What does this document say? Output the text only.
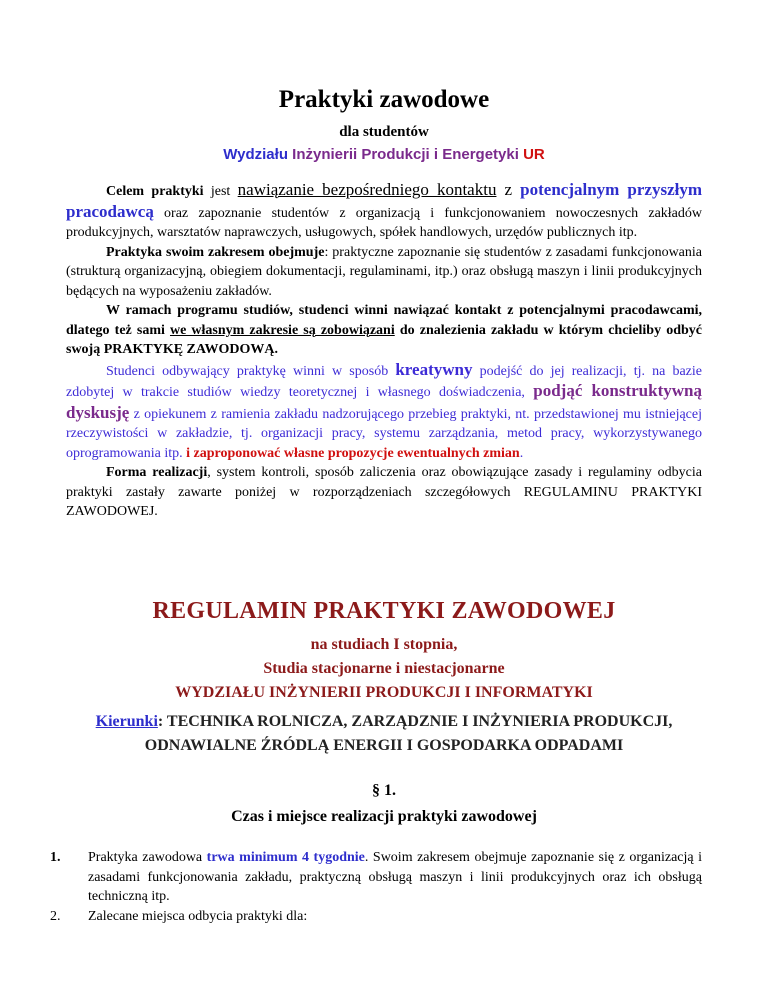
Praktyki zawodowe
dla studentów
Wydziału Inżynierii Produkcji i Energetyki UR

Celem praktyki jest nawiązanie bezpośredniego kontaktu z potencjalnym przyszłym pracodawcą oraz zapoznanie studentów z organizacją i funkcjonowaniem nowoczesnych zakładów produkcyjnych, warsztatów naprawczych, usługowych, spółek handlowych, urzędów publicznych itp.

Praktyka swoim zakresem obejmuje: praktyczne zapoznanie się studentów z zasadami funkcjonowania (strukturą organizacyjną, obiegiem dokumentacji, regulaminami, itp.) oraz obsługą maszyn i linii produkcyjnych będących na wyposażeniu zakładów.

W ramach programu studiów, studenci winni nawiązać kontakt z potencjalnymi pracodawcami, dlatego też sami we własnym zakresie są zobowiązani do znalezienia zakładu w którym chcieliby odbyć swoją PRAKTYKĘ ZAWODOWĄ.

Studenci odbywający praktykę winni w sposób kreatywny podejść do jej realizacji, tj. na bazie zdobytej w trakcie studiów wiedzy teoretycznej i własnego doświadczenia, podjąć konstruktywną dyskusję z opiekunem z ramienia zakładu nadzorującego przebieg praktyki, nt. przedstawionej mu istniejącej rzeczywistości w zakładzie, tj. organizacji pracy, systemu zarządzania, metod pracy, wykorzystywanego oprogramowania itp. i zaproponować własne propozycje ewentualnych zmian.

Forma realizacji, system kontroli, sposób zaliczenia oraz obowiązujące zasady i regulaminy odbycia praktyki zastały zawarte poniżej w rozporządzeniach szczegółowych REGULAMINU PRAKTYKI ZAWODOWEJ.

REGULAMIN PRAKTYKI ZAWODOWEJ
na studiach I stopnia,
Studia stacjonarne i niestacjonarne
WYDZIAŁU INŻYNIERII PRODUKCJI I INFORMATYKI
Kierunki: TECHNIKA ROLNICZA, ZARZĄDZNIE I INŻYNIERIA PRODUKCJI, ODNAWIALNE ŹRÓDLĄ ENERGII I GOSPODARKA ODPADAMI
§ 1.
Czas i miejsce realizacji praktyki zawodowej
1. Praktyka zawodowa trwa minimum 4 tygodnie. Swoim zakresem obejmuje zapoznanie się z organizacją i zasadami funkcjonowania zakładu, praktyczną obsługą maszyn i linii produkcyjnych oraz ich obsługą techniczną itp.
2. Zalecane miejsca odbycia praktyki dla:
